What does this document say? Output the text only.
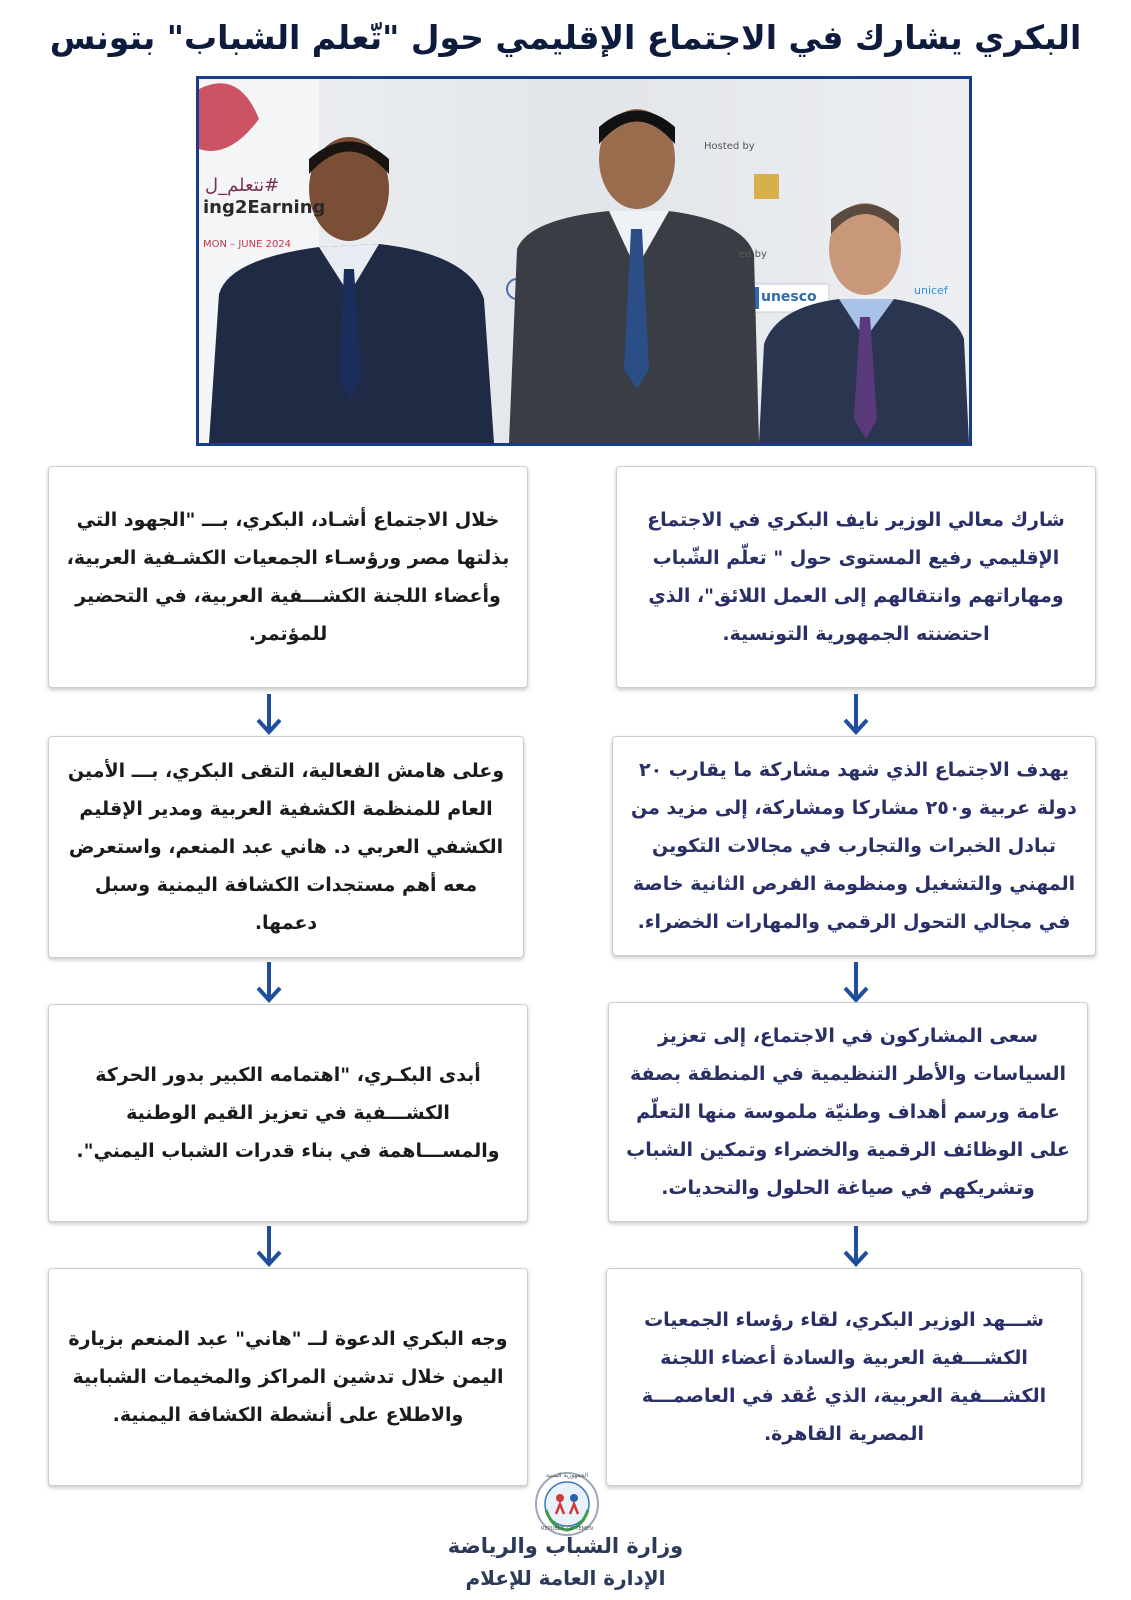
البكري يشارك في الاجتماع الإقليمي حول "تّعلم الشباب" بتونس
#نتعلم_ل
ing2Earning
MON – JUNE 2024
Hosted by
ed by
unesco	unicef

شارك معالي الوزير نايف البكري في الاجتماع الإقليمي رفيع المستوى حول " تعلّم الشّباب ومهاراتهم وانتقالهم إلى العمل اللائق"، الذي احتضنته الجمهورية التونسية.

يهدف الاجتماع الذي شهد مشاركة ما يقارب ٢٠ دولة عربية و٢٥٠ مشاركا ومشاركة، إلى مزيد من تبادل الخبرات والتجارب في مجالات التكوين المهني والتشغيل ومنظومة الفرص الثانية خاصة في مجالي التحول الرقمي والمهارات الخضراء.

سعى المشاركون في الاجتماع، إلى تعزيز السياسات والأطر التنظيمية في المنطقة بصفة عامة ورسم أهداف وطنيّة ملموسة منها التعلّم على الوظائف الرقمية والخضراء وتمكين الشباب وتشريكهم في صياغة الحلول والتحديات.

شـــهد الوزير البكري، لقاء رؤساء الجمعيات الكشـــفية العربية والسادة أعضاء اللجنة الكشـــفية العربية، الذي عُقد في العاصمـــة المصرية القاهرة.

خلال الاجتماع أشـاد، البكري، بـــ "الجهود التي بذلتها مصر ورؤسـاء الجمعيات الكشـفية العربية، وأعضاء اللجنة الكشـــفية العربية، في التحضير للمؤتمر.

وعلى هامش الفعالية، التقى البكري، بـــ الأمين العام للمنظمة الكشفية العربية ومدير الإقليم الكشفي العربي د. هاني عبد المنعم، واستعرض معه أهم مستجدات الكشافة اليمنية وسبل دعمها.

أبدى البكـري، "اهتمامه الكبير بدور الحركة الكشـــفية في تعزيز القيم الوطنية والمســـاهمة في بناء قدرات الشباب اليمني".

وجه البكري الدعوة لــ "هاني" عبد المنعم بزيارة اليمن خلال تدشين المراكز والمخيمات الشبابية والاطلاع على أنشطة الكشافة اليمنية.

الجمهورية اليمنية
REPUBLIC OF YEMEN
وزارة الشباب والرياضة
الإدارة العامة للإعلام
